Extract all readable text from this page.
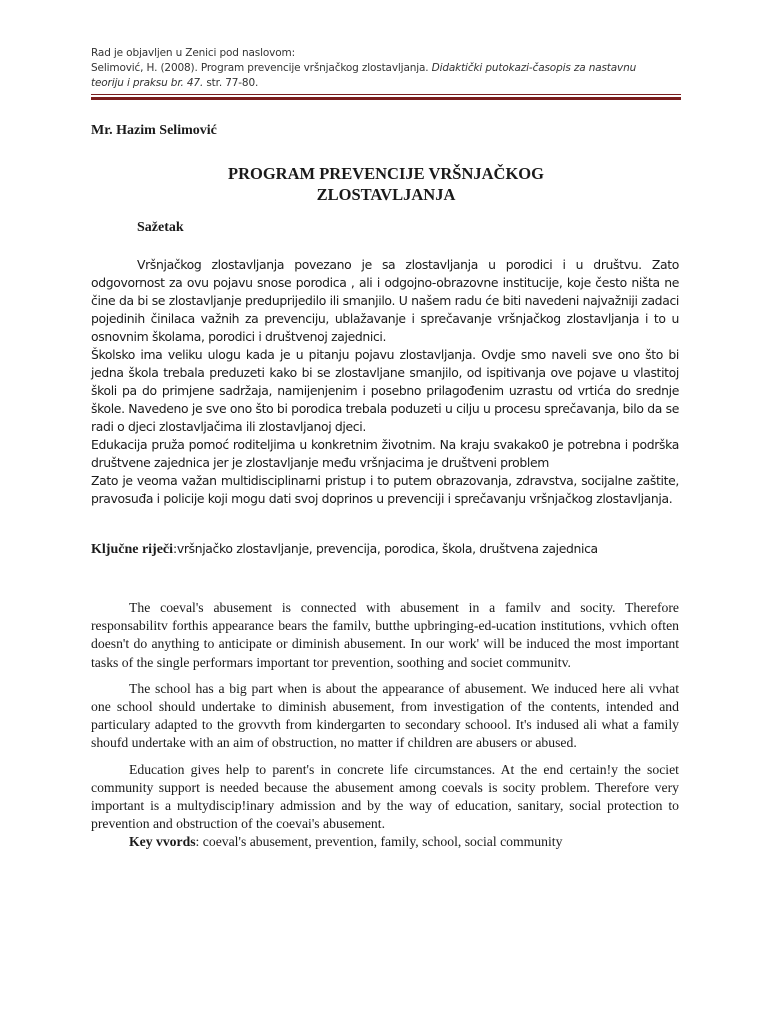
Rad je objavljen u Zenici pod naslovom:
Selimović, H. (2008). Program prevencije vršnjačkog zlostavljanja. Didaktički putokazi-časopis za nastavnu
teoriju i praksu br. 47. str. 77-80.
Mr. Hazim Selimović
PROGRAM PREVENCIJE VRŠNJAČKOG
ZLOSTAVLJANJA
Sažetak

Vršnjačkog zlostavljanja povezano je sa zlostavljanja u porodici i u društvu. Zato odgovornost za ovu pojavu snose porodica , ali i odgojno-obrazovne institucije, koje često ništa ne čine da bi se zlostavljanje preduprijedilo ili smanjilo. U našem radu će biti navedeni najvažniji zadaci pojedinih činilaca važnih za prevenciju, ublažavanje i sprečavanje vršnjačkog zlostavljanja i to u osnovnim školama, porodici i društvenoj zajednici.

Školsko ima veliku ulogu kada je u pitanju pojavu zlostavljanja. Ovdje smo naveli sve ono što bi jedna škola trebala preduzeti kako bi se zlostavljane smanjilo, od ispitivanja ove pojave u vlastitoj školi pa do primjene sadržaja, namijenjenim i posebno prilagođenim uzrastu od vrtića do srednje škole. Navedeno je sve ono što bi porodica trebala poduzeti u cilju u procesu sprečavanja, bilo da se radi o djeci zlostavljačima ili zlostavljanoj djeci.

Edukacija pruža pomoć roditeljima u konkretnim životnim. Na kraju svakako0 je potrebna i podrška društvene zajednica jer je zlostavljanje među vršnjacima je društveni problem

Zato je veoma važan multidisciplinarni pristup i to putem obrazovanja, zdravstva, socijalne zaštite, pravosuđa i policije koji mogu dati svoj doprinos u prevenciji i sprečavanju vršnjačkog zlostavljanja.

Ključne riječi:vršnjačko zlostavljanje, prevencija, porodica, škola, društvena zajednica

The coeval's abusement is connected with abusement in a familv and socity. Therefore responsabilitv forthis appearance bears the familv, butthe upbringing-ed-ucation institutions, vvhich often doesn't do anything to anticipate or diminish abusement. In our work' will be induced the most important tasks of the single performars important tor prevention, soothing and societ communitv.

The school has a big part when is about the appearance of abusement. We induced here ali vvhat one school should undertake to diminish abusement, from investigation of the contents, intended and particulary adapted to the grovvth from kindergarten to secondary schoool. It's indused ali what a family shoufd undertake with an aim of obstruction, no matter if children are abusers or abused.

Education gives help to parent's in concrete life circumstances. At the end certain!y the societ community support is needed because the abusement among coevals is socity problem. Therefore very important is a multydiscip!inary admission and by the way of education, sanitary, social protection to prevention and obstruction of the coevai's abusement.

Key vvords: coeval's abusement, prevention, family, school, social community
